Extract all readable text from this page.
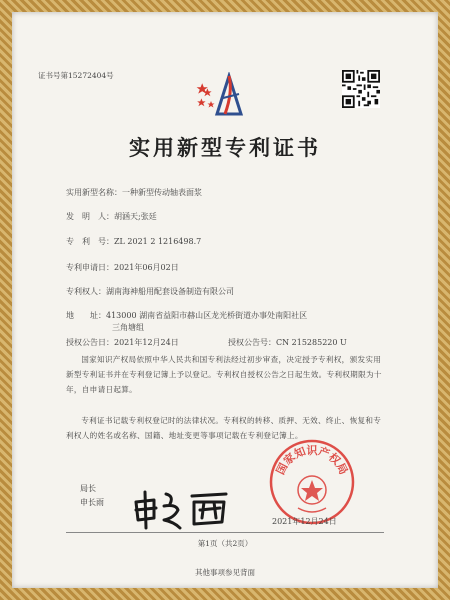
证书号第15272404号
实用新型专利证书
实用新型名称：一种新型传动轴表面浆
发　明　人：胡涵天;张廷
专　利　号：ZL 2021 2 1216498.7
专利申请日：2021年06月02日
专利权人：湖南海神船用配套设备制造有限公司
地　　址：413000 湖南省益阳市赫山区龙光桥街道办事处南阳社区
三角塘组
授权公告日：2021年12月24日	授权公告号：CN 215285220 U
国家知识产权局依照中华人民共和国专利法经过初步审查，决定授予专利权，颁发实用新型专利证书并在专利登记簿上予以登记。专利权自授权公告之日起生效。专利权期限为十年，自申请日起算。
专利证书记载专利权登记时的法律状况。专利权的转移、质押、无效、终止、恢复和专利权人的姓名或名称、国籍、地址变更等事项记载在专利登记簿上。
局长
申长雨
国家知识产权局
2021年12月24日
第1页（共2页）
其他事项参见背面
